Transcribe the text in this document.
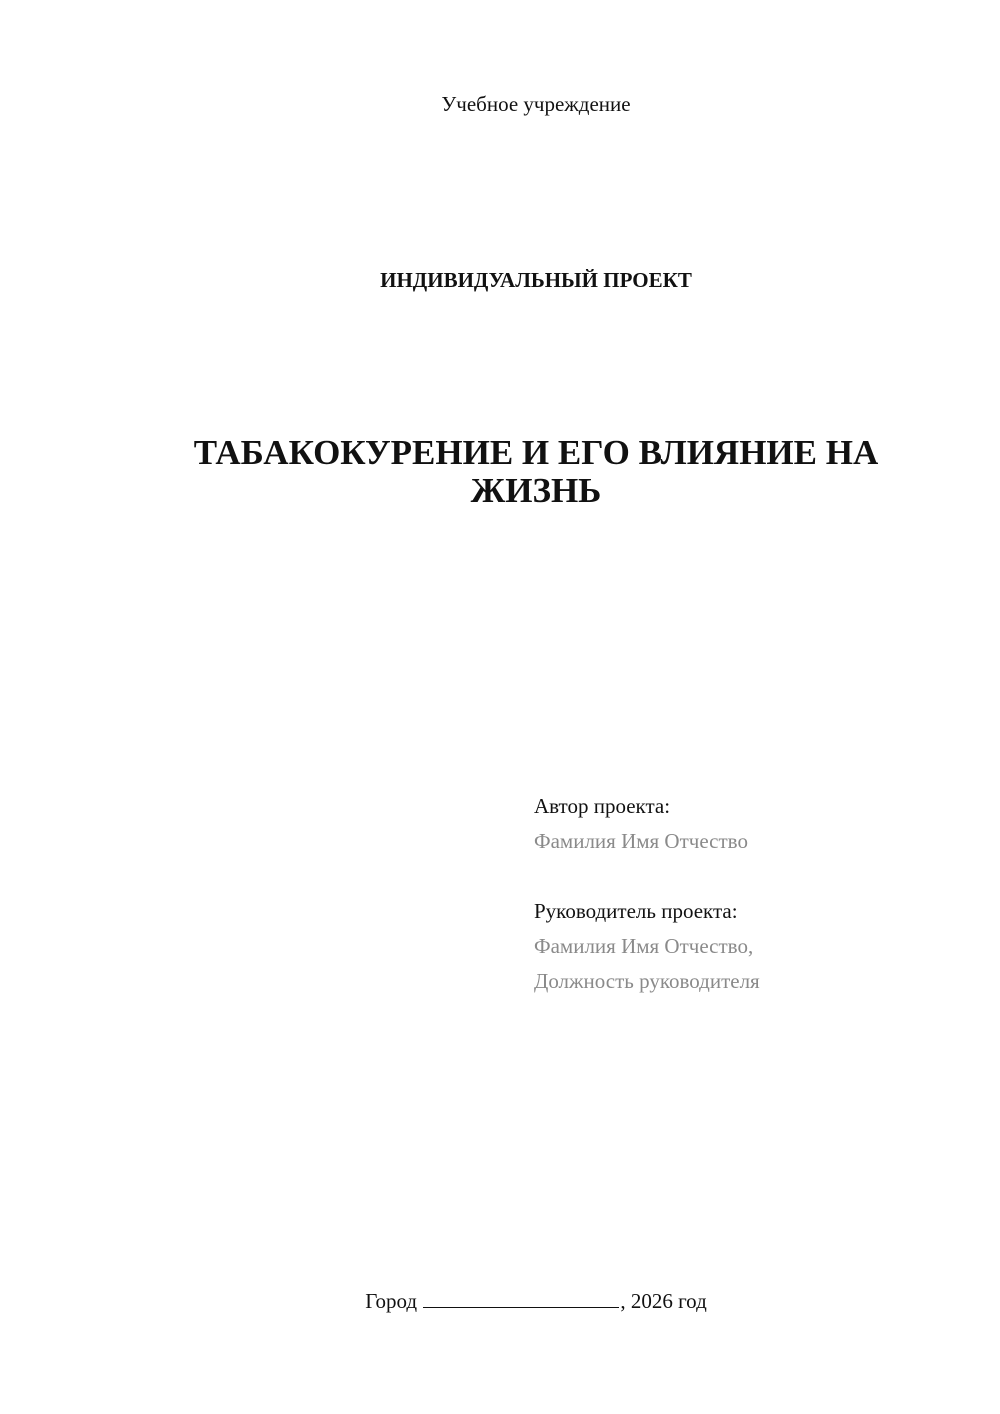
Учебное учреждение
ИНДИВИДУАЛЬНЫЙ ПРОЕКТ
ТАБАКОКУРЕНИЕ И ЕГО ВЛИЯНИЕ НА
ЖИЗНЬ
Автор проекта:
Фамилия Имя Отчество
Руководитель проекта:
Фамилия Имя Отчество,
Должность руководителя
Город	, 2026 год
